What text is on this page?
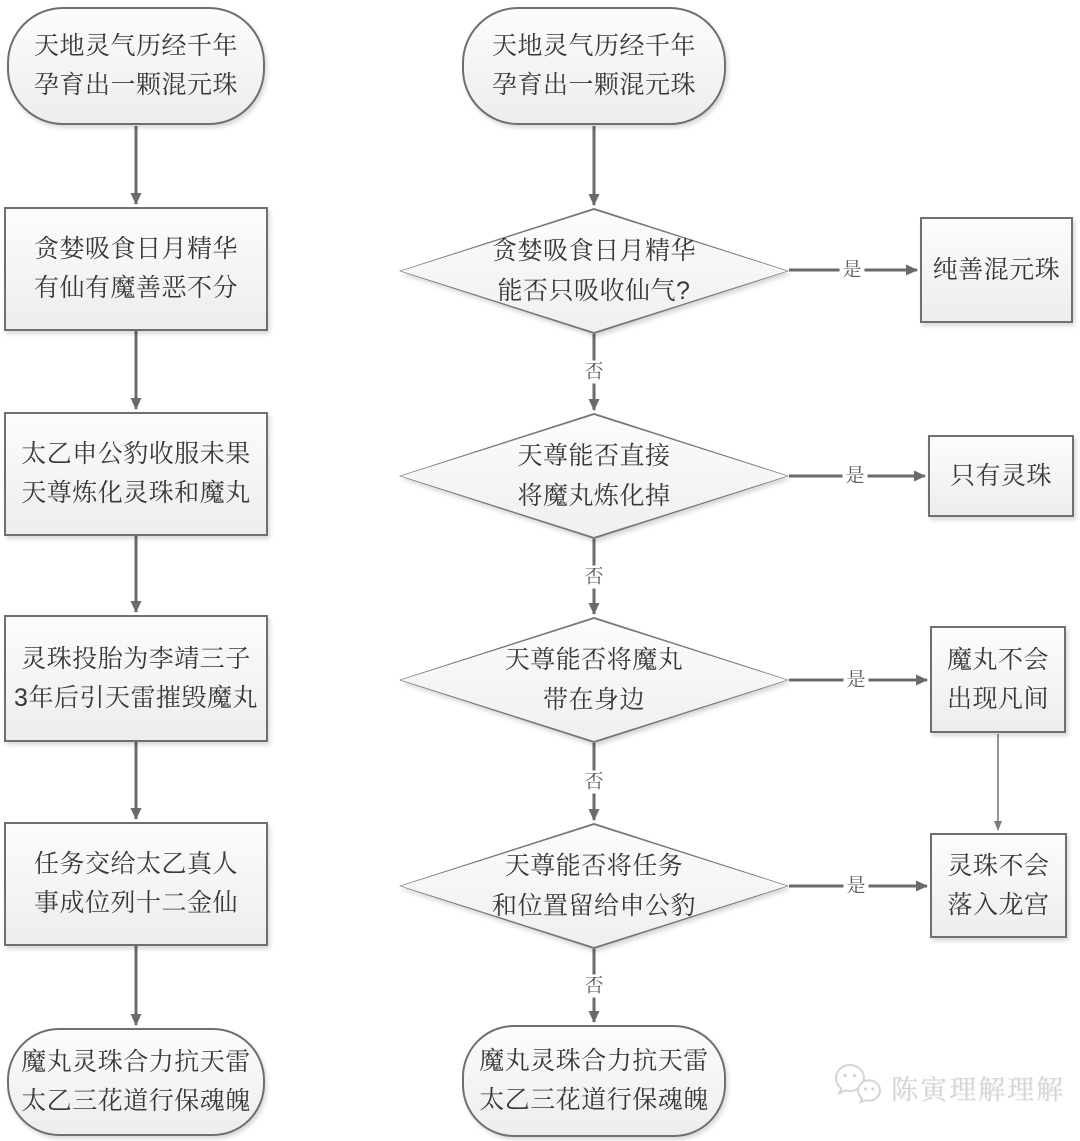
天地灵气历经千年
孕育出一颗混元珠
贪婪吸食日月精华
有仙有魔善恶不分
太乙申公豹收服未果
天尊炼化灵珠和魔丸
灵珠投胎为李靖三子
3年后引天雷摧毁魔丸
任务交给太乙真人
事成位列十二金仙
魔丸灵珠合力抗天雷
太乙三花道行保魂魄
天地灵气历经千年
孕育出一颗混元珠
贪婪吸食日月精华
能否只吸收仙气?
天尊能否直接
将魔丸炼化掉
天尊能否将魔丸
带在身边
天尊能否将任务
和位置留给申公豹
纯善混元珠
只有灵珠
魔丸不会
出现凡间
灵珠不会
落入龙宫
魔丸灵珠合力抗天雷
太乙三花道行保魂魄
否
否
否
否
是
是
是
是
陈寅理解理解
